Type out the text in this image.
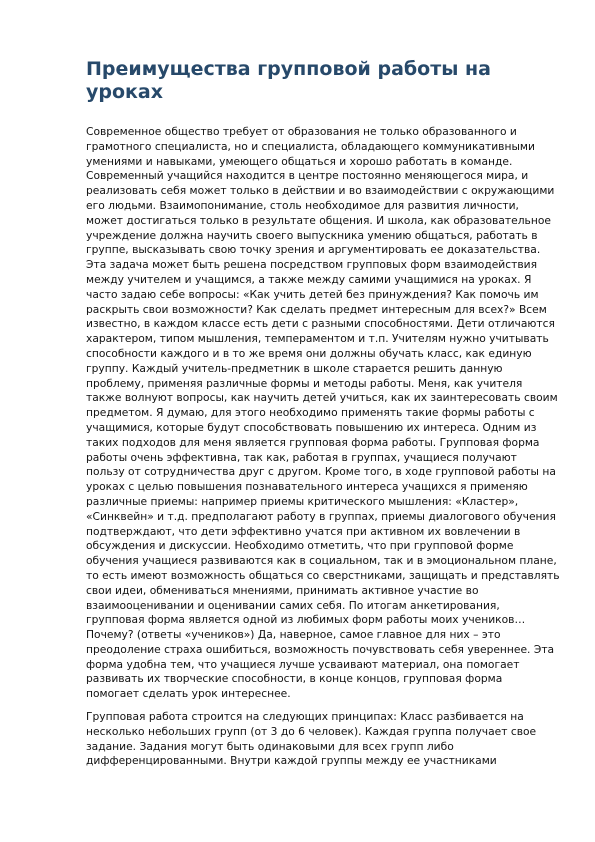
Преимущества групповой работы на
уроках

Современное общество требует от образования не только образованного и
грамотного специалиста, но и специалиста, обладающего коммуникативными
умениями и навыками, умеющего общаться и хорошо работать в команде.
Современный учащийся находится в центре постоянно меняющегося мира, и
реализовать себя может только в действии и во взаимодействии с окружающими
его людьми. Взаимопонимание, столь необходимое для развития личности,
может достигаться только в результате общения. И школа, как образовательное
учреждение должна научить своего выпускника умению общаться, работать в
группе, высказывать свою точку зрения и аргументировать ее доказательства.
Эта задача может быть решена посредством групповых форм взаимодействия
между учителем и учащимся, а также между самими учащимися на уроках. Я
часто задаю себе вопросы: «Как учить детей без принуждения? Как помочь им
раскрыть свои возможности? Как сделать предмет интересным для всех?» Всем
известно, в каждом классе есть дети с разными способностями. Дети отличаются
характером, типом мышления, темпераментом и т.п. Учителям нужно учитывать
способности каждого и в то же время они должны обучать класс, как единую
группу. Каждый учитель-предметник в школе старается решить данную
проблему, применяя различные формы и методы работы. Меня, как учителя
также волнуют вопросы, как научить детей учиться, как их заинтересовать своим
предметом. Я думаю, для этого необходимо применять такие формы работы с
учащимися, которые будут способствовать повышению их интереса. Одним из
таких подходов для меня является групповая форма работы. Групповая форма
работы очень эффективна, так как, работая в группах, учащиеся получают
пользу от сотрудничества друг с другом. Кроме того, в ходе групповой работы на
уроках с целью повышения познавательного интереса учащихся я применяю
различные приемы: например приемы критического мышления: «Кластер»,
«Синквейн» и т.д. предполагают работу в группах, приемы диалогового обучения
подтверждают, что дети эффективно учатся при активном их вовлечении в
обсуждения и дискуссии. Необходимо отметить, что при групповой форме
обучения учащиеся развиваются как в социальном, так и в эмоциональном плане,
то есть имеют возможность общаться со сверстниками, защищать и представлять
свои идеи, обмениваться мнениями, принимать активное участие во
взаимооценивании и оценивании самих себя. По итогам анкетирования,
групповая форма является одной из любимых форм работы моих учеников…
Почему? (ответы «учеников») Да, наверное, самое главное для них – это
преодоление страха ошибиться, возможность почувствовать себя увереннее. Эта
форма удобна тем, что учащиеся лучше усваивают материал, она помогает
развивать их творческие способности, в конце концов, групповая форма
помогает сделать урок интереснее.

Групповая работа строится на следующих принципах: Класс разбивается на
несколько небольших групп (от 3 до 6 человек). Каждая группа получает свое
задание. Задания могут быть одинаковыми для всех групп либо
дифференцированными. Внутри каждой группы между ее участниками
